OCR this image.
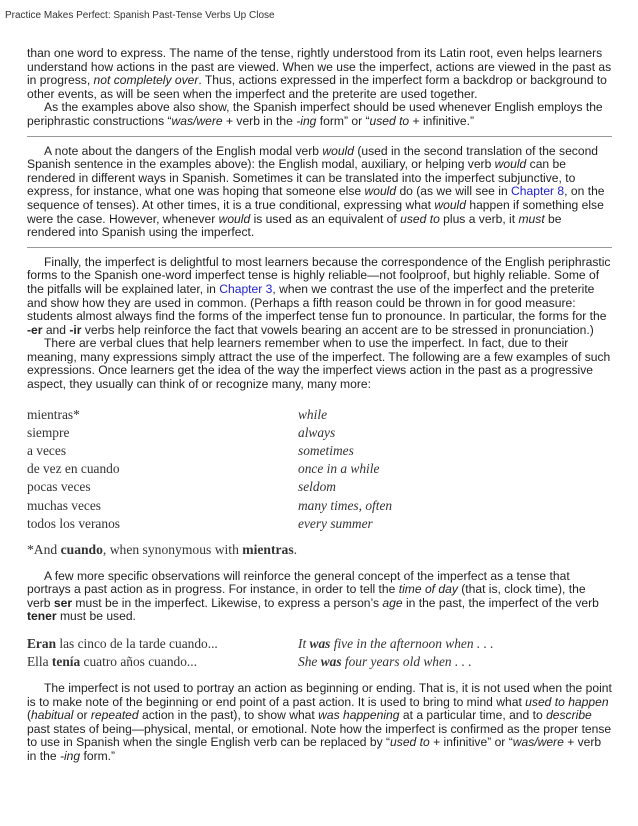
Practice Makes Perfect: Spanish Past-Tense Verbs Up Close

than one word to express. The name of the tense, rightly understood from its Latin root, even helps learners understand how actions in the past are viewed. When we use the imperfect, actions are viewed in the past as in progress, not completely over. Thus, actions expressed in the imperfect form a backdrop or background to other events, as will be seen when the imperfect and the preterite are used together.

As the examples above also show, the Spanish imperfect should be used whenever English employs the periphrastic constructions “was/were + verb in the -ing form” or “used to + infinitive.”

A note about the dangers of the English modal verb would (used in the second translation of the second Spanish sentence in the examples above): the English modal, auxiliary, or helping verb would can be rendered in different ways in Spanish. Sometimes it can be translated into the imperfect subjunctive, to express, for instance, what one was hoping that someone else would do (as we will see in Chapter 8, on the sequence of tenses). At other times, it is a true conditional, expressing what would happen if something else were the case. However, whenever would is used as an equivalent of used to plus a verb, it must be rendered into Spanish using the imperfect.

Finally, the imperfect is delightful to most learners because the correspondence of the English periphrastic forms to the Spanish one-word imperfect tense is highly reliable—not foolproof, but highly reliable. Some of the pitfalls will be explained later, in Chapter 3, when we contrast the use of the imperfect and the preterite and show how they are used in common. (Perhaps a fifth reason could be thrown in for good measure: students almost always find the forms of the imperfect tense fun to pronounce. In particular, the forms for the -er and -ir verbs help reinforce the fact that vowels bearing an accent are to be stressed in pronunciation.)

There are verbal clues that help learners remember when to use the imperfect. In fact, due to their meaning, many expressions simply attract the use of the imperfect. The following are a few examples of such expressions. Once learners get the idea of the way the imperfect views action in the past as a progressive aspect, they usually can think of or recognize many, many more:

mientras*	while
siempre	always
a veces	sometimes
de vez en cuando	once in a while
pocas veces	seldom
muchas veces	many times, often
todos los veranos	every summer

*And cuando, when synonymous with mientras.

A few more specific observations will reinforce the general concept of the imperfect as a tense that portrays a past action as in progress. For instance, in order to tell the time of day (that is, clock time), the verb ser must be in the imperfect. Likewise, to express a person’s age in the past, the imperfect of the verb tener must be used.

Eran las cinco de la tarde cuando...	It was five in the afternoon when . . .
Ella tenía cuatro años cuando...	She was four years old when . . .

The imperfect is not used to portray an action as beginning or ending. That is, it is not used when the point is to make note of the beginning or end point of a past action. It is used to bring to mind what used to happen (habitual or repeated action in the past), to show what was happening at a particular time, and to describe past states of being—physical, mental, or emotional. Note how the imperfect is confirmed as the proper tense to use in Spanish when the single English verb can be replaced by “used to + infinitive” or “was/were + verb in the -ing form.”
